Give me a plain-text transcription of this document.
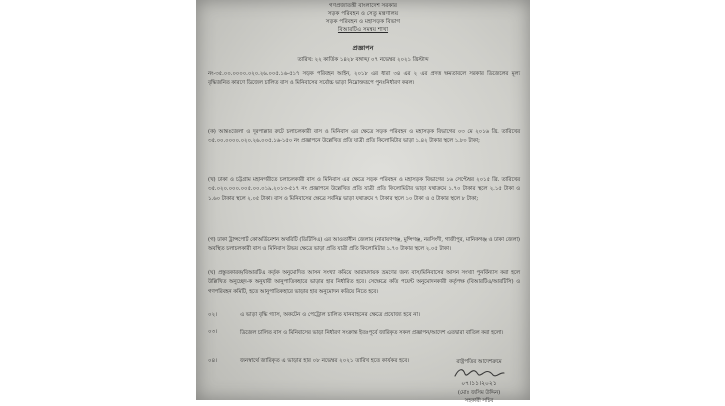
গণপ্রজাতন্ত্রী বাংলাদেশ সরকার
সড়ক পরিবহন ও সেতু মন্ত্রণালয়
সড়ক পরিবহন ও মহাসড়ক বিভাগ
বিআরটিএ সমন্বয় শাখা
প্রজ্ঞাপন
তারিখ: ২২ কার্তিক ১৪২৮ বঙ্গাব্দ/ ০৭ নভেম্বর ২০২১ খ্রিস্টাব্দ
নং-৩৫.০০.০০০০.০২০.২৬.০০৫.১৬-৫১৭ সড়ক পরিবহন আইন, ২০১৮ এর ধারা ৩৪ এর ২ এর প্রদত্ত ক্ষমতাবলে সরকার ডিজেলের মূল্য বৃদ্ধিজনিত কারণে ডিজেল চালিত বাস ও মিনিবাসের সর্বোচ্চ ভাড়া নিম্নোক্তরূপে পুনঃনির্ধারণ করল।
(ক) আন্তঃজেলা ও দূরপাল্লার রুটে চলাচলকারী বাস ও মিনিবাস এর ক্ষেত্রে সড়ক পরিবহন ও মহাসড়ক বিভাগের ০৩ মে ২০১৬ খ্রি. তারিখের ৩৫.০০.০০০০.০২০.২৬.০০৫.১৬-১৫০ নং প্রজ্ঞাপনে উল্লেখিত প্রতি যাত্রী প্রতি কিলোমিটার ভাড়া ১.৪২ টাকার স্থলে ১.৮০ টাকা;
(খ) ঢাকা ও চট্টগ্রাম মহানগরীতে চলাচলকারী বাস ও মিনিবাস এর ক্ষেত্রে সড়ক পরিবহন ও মহাসড়ক বিভাগের ১৬ সেপ্টেম্বর ২০১৫ খ্রি. তারিখের ৩৫.০২০.০০০.০০৫.০০.০১৯.২০১৩-৫১৭ নং প্রজ্ঞাপনে উল্লেখিত প্রতি যাত্রী প্রতি কিলোমিটার ভাড়া যথাক্রমে ১.৭০ টাকার স্থলে ২.১৫ টাকা ও ১.৬০ টাকার স্থলে ২.০৫ টাকা। বাস ও মিনিবাসের ক্ষেত্রে সর্বনিম্ন ভাড়া যথাক্রমে ৭ টাকার স্থলে ১০ টাকা ও ৫ টাকার স্থলে ৮ টাকা;
(গ) ঢাকা ট্রান্সপোর্ট কোঅর্ডিনেশন অথরিটি (ডিটিসিএ) এর আওতাধীন জেলায় (নারায়ণগঞ্জ, মুন্সিগঞ্জ, নরসিংদী, গাজীপুর, মানিকগঞ্জ ও ঢাকা জেলা) অবস্থিত চলাচলকারী বাস ও মিনিবাস উভয় ক্ষেত্রে ভাড়া প্রতি যাত্রী প্রতি কিলোমিটার ১.৭০ টাকার স্থলে ২.০৫ টাকা।
(ঘ) প্রস্তুতকারক/বিআরটিএ কর্তৃক অনুমোদিত আসন সংখ্যা কমিয়ে আরামদায়ক ভ্রমণের জন্য বাস/মিনিবাসের আসন সংখ্যা পুনর্বিন্যাস করা হলে উল্লিখিত অনুচ্ছেদ-ক অনুযায়ী আনুপাতিকহারে ভাড়ার হার নির্ধারিত হবে। সেক্ষেত্রে কতি পয়েন্ট অনুমোদনকারী কর্তৃপক্ষ (বিআরটিএ/আরটিসি) ও গণপরিবহন কমিটি, হতে আনুপাতিকহারে ভাড়ার হার অনুমোদন করিয়ে নিতে হবে।
০২।	এ ভাড়া বৃদ্ধি গ্যাস, অকটেন ও পেট্রোল চালিত যানবাহনের ক্ষেত্রে প্রযোজ্য হবে না।
০৩।	ডিজেল চালিত বাস ও মিনিবাসের ভাড়া নির্ধারণ সংক্রান্ত ইতঃপূর্বে জারিকৃত সকল প্রজ্ঞাপন/আদেশ এতদ্বারা বাতিল করা হলো।
০৪।	জনস্বার্থে জারিকৃত এ ভাড়ার হার ০৮ নভেম্বর ২০২১ তারিখ হতে কার্যকর হবে।	রাষ্ট্রপতির আদেশক্রমে
০৭।১১।২০২১
(মোঃ জসিম উদ্দিন)
সহকারী সচিব
